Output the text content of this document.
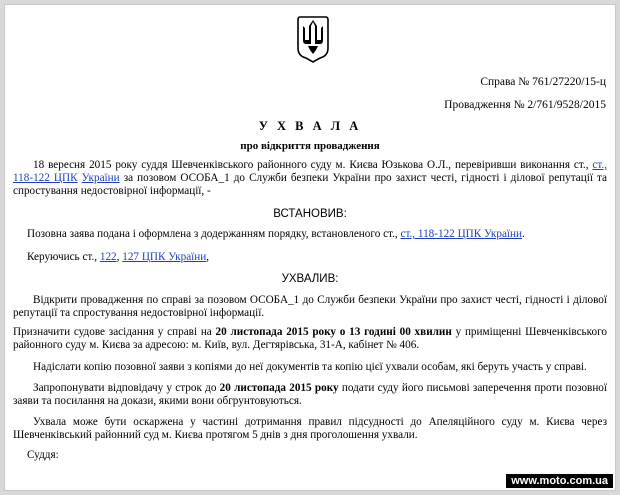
Справа № 761/27220/15-ц
Провадження № 2/761/9528/2015
У Х В А Л А
про відкриття провадження
18 вересня 2015 року суддя Шевченківського районного суду м. Києва Юзькова О.Л., перевіривши виконання ст., ст., 118-122 ЦПК України за позовом ОСОБА_1 до Служби безпеки України про захист честі, гідності і ділової репутації та спростування недостовірної інформації, -
ВСТАНОВИВ:
Позовна заява подана і оформлена з додержанням порядку, встановленого ст., ст., 118-122 ЦПК України.
Керуючись ст., 122, 127 ЦПК України,
УХВАЛИВ:
Відкрити провадження по справі за позовом ОСОБА_1 до Служби безпеки України про захист честі, гідності і ділової репутації та спростування недостовірної інформації.
Призначити судове засідання у справі на 20 листопада 2015 року о 13 годині 00 хвилин у приміщенні Шевченківського районного суду м. Києва за адресою: м. Київ, вул. Дегтярівська, 31-А, кабінет № 406.
Надіслати копію позовної заяви з копіями до неї документів та копію цієї ухвали особам, які беруть участь у справі.
Запропонувати відповідачу у строк до 20 листопада 2015 року подати суду його письмові заперечення проти позовної заяви та посилання на докази, якими вони обгрунтовуються.
Ухвала може бути оскаржена у частині дотримання правил підсудності до Апеляційного суду м. Києва через Шевченківський районний суд м. Києва протягом 5 днів з дня проголошення ухвали.
Суддя:
www.moto.com.ua
